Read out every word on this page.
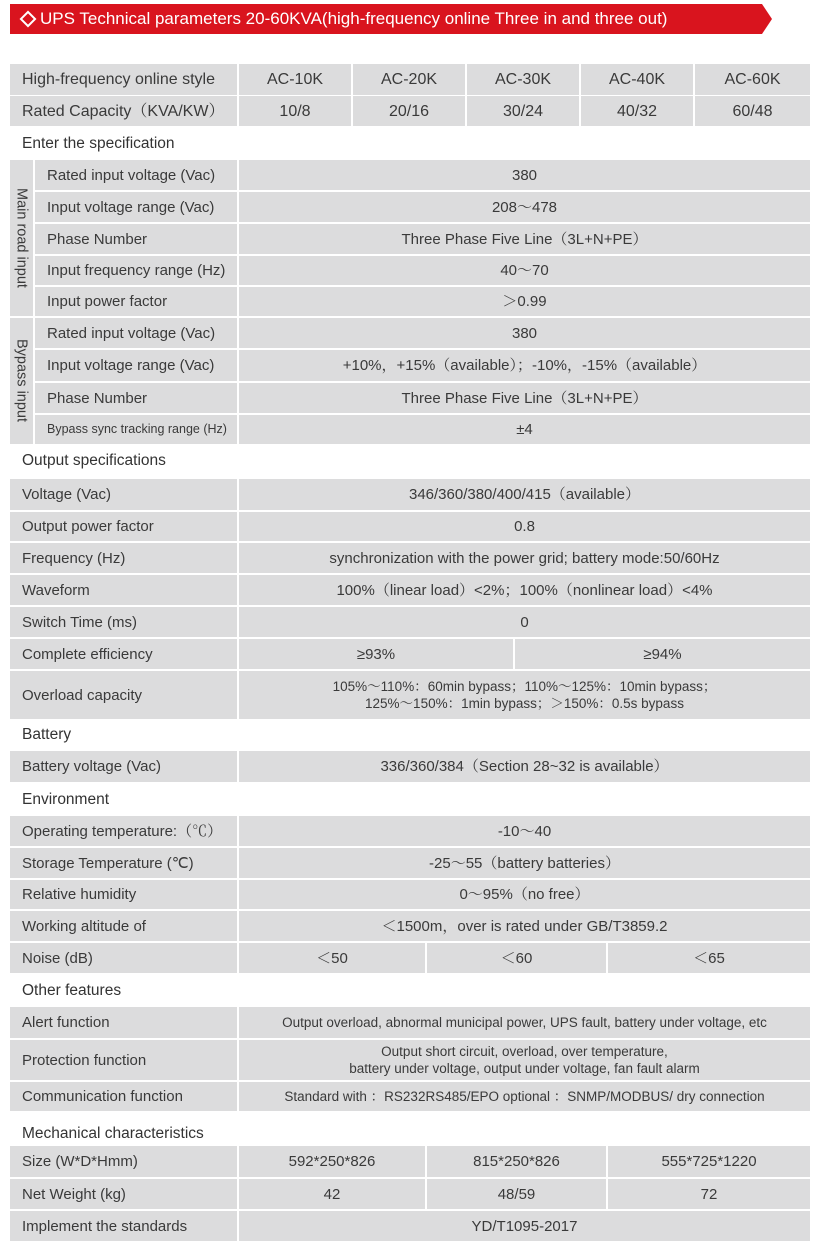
UPS Technical parameters 20-60KVA(high-frequency online Three in and three out)
High-frequency online style	AC-10K	AC-20K	AC-30K	AC-40K	AC-60K
Rated Capacity（KVA/KW）	10/8	20/16	30/24	40/32	60/48
Enter the specification
Main road input
Bypass input
Rated input voltage (Vac)	380
Input voltage range (Vac)	208～478
Phase Number	Three Phase Five Line（3L+N+PE）
Input frequency range (Hz)	40～70
Input power factor	＞0.99
Rated input voltage (Vac)	380
Input voltage range (Vac)	+10%，+15%（available）；-10%，-15%（available）
Phase Number	Three Phase Five Line（3L+N+PE）
Bypass sync tracking range (Hz)	±4
Output specifications
Voltage (Vac)	346/360/380/400/415（available）
Output power factor	0.8
Frequency (Hz)	synchronization with the power grid; battery mode:50/60Hz
Waveform	100%（linear load）<2%；100%（nonlinear load）<4%
Switch Time (ms)	0
Complete efficiency	≥93%	≥94%
Overload capacity	105%～110%：60min bypass；110%～125%：10min bypass；
125%～150%：1min bypass；＞150%：0.5s bypass
Battery
Battery voltage (Vac)	336/360/384（Section 28~32 is available）
Environment
Operating temperature:（℃）	-10～40
Storage Temperature (℃)	-25～55（battery batteries）
Relative humidity	0～95%（no free）
Working altitude of	＜1500m，over is rated under GB/T3859.2
Noise (dB)	＜50	＜60	＜65
Other features
Alert function	Output overload, abnormal municipal power, UPS fault, battery under voltage, etc
Protection function	Output short circuit, overload, over temperature,
battery under voltage, output under voltage, fan fault alarm
Communication function	Standard with ：RS232RS485/EPO optional ：SNMP/MODBUS/ dry connection
Mechanical characteristics
Size (W*D*Hmm)	592*250*826	815*250*826	555*725*1220
Net Weight (kg)	42	48/59	72
Implement the standards	YD/T1095-2017
